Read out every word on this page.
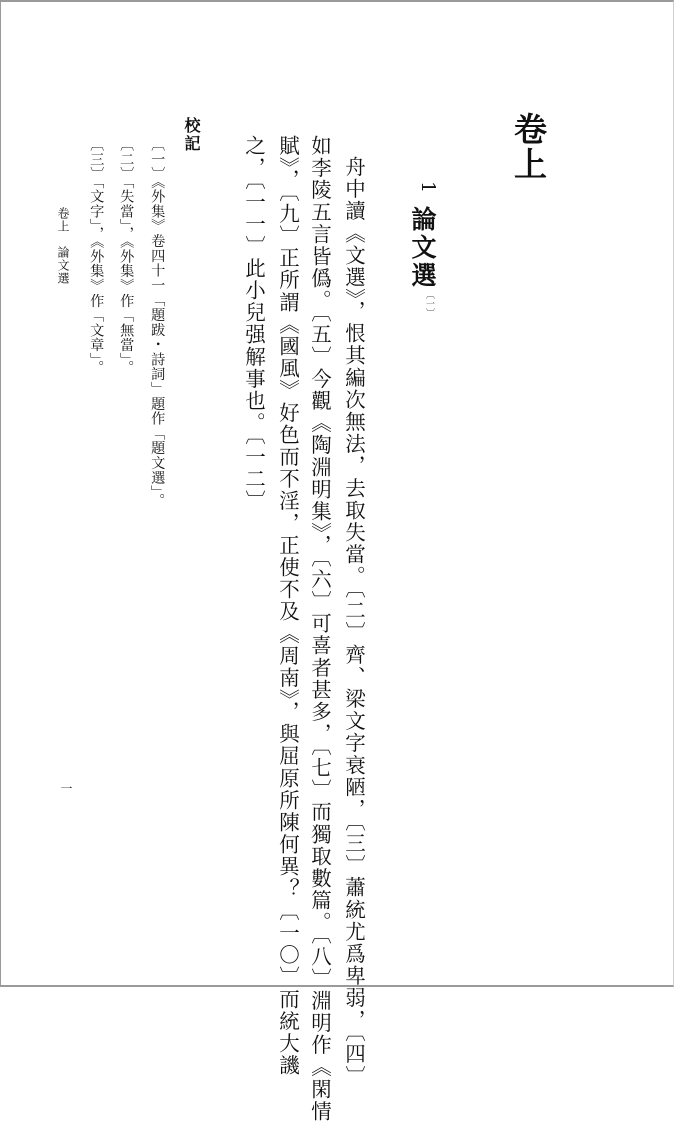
卷上
1
論文選〔一〕
舟中讀《文選》，恨其編次無法，去取失當。〔二〕齊、梁文字衰陋，〔三〕蕭統尤爲卑弱，〔四〕
如李陵五言皆僞。〔五〕今觀《陶淵明集》，〔六〕可喜者甚多，〔七〕而獨取數篇。〔八〕淵明作《閑情
賦》，〔九〕正所謂《國風》好色而不淫，正使不及《周南》，與屈原所陳何異？〔一〇〕而統大譏
之，〔一一〕此小兒强解事也。〔一二〕
校記
〔一〕《外集》卷四十一「題跋・詩詞」題作「題文選」。
〔二〕「失當」，《外集》作「無當」。
〔三〕「文字」，《外集》作「文章」。
卷上　論文選
一
